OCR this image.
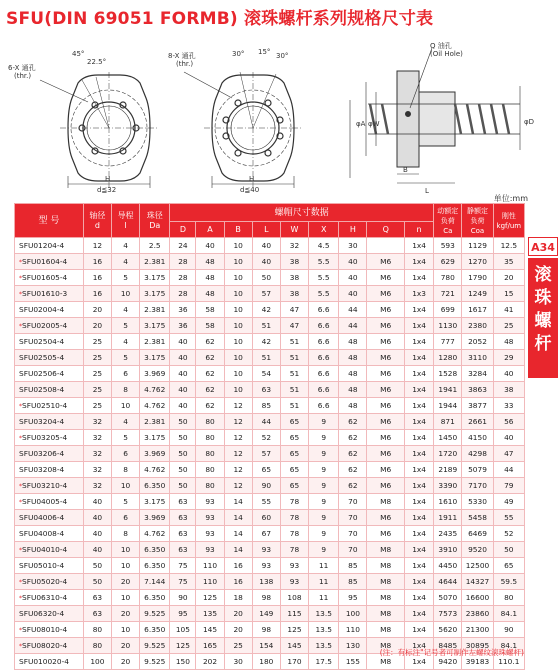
SFU(DIN 69051 FORMB) 滚珠螺杆系列规格尺寸表
6-X 通孔
(thr.)
45°
22.5°
H
d≦32
8-X 通孔
(thr.)
30° 15° 30°
H
d≦40
Q 油孔
(Oil Hole)
φA φW	φD
B
L
单位:mm
型 号	轴径
d	导程
l	珠径
Da	螺帽尺寸数据									动额定
负荷
Ca	静额定
负荷
Coa	刚性
kgf/um
				D	A	B	L	W	X	H	Q	n			
SFU01204-4	12	4	2.5	24	40	10	40	32	4.5	30		1x4	593	1129	12.5
*SFU01604-4	16	4	2.381	28	48	10	40	38	5.5	40	M6	1x4	629	1270	35
*SFU01605-4	16	5	3.175	28	48	10	50	38	5.5	40	M6	1x4	780	1790	20
*SFU01610-3	16	10	3.175	28	48	10	57	38	5.5	40	M6	1x3	721	1249	15
SFU02004-4	20	4	2.381	36	58	10	42	47	6.6	44	M6	1x4	699	1617	41
*SFU02005-4	20	5	3.175	36	58	10	51	47	6.6	44	M6	1x4	1130	2380	25
SFU02504-4	25	4	2.381	40	62	10	42	51	6.6	48	M6	1x4	777	2052	48
SFU02505-4	25	5	3.175	40	62	10	51	51	6.6	48	M6	1x4	1280	3110	29
SFU02506-4	25	6	3.969	40	62	10	54	51	6.6	48	M6	1x4	1528	3284	40
SFU02508-4	25	8	4.762	40	62	10	63	51	6.6	48	M6	1x4	1941	3863	38
*SFU02510-4	25	10	4.762	40	62	12	85	51	6.6	48	M6	1x4	1944	3877	33
SFU03204-4	32	4	2.381	50	80	12	44	65	9	62	M6	1x4	871	2661	56
*SFU03205-4	32	5	3.175	50	80	12	52	65	9	62	M6	1x4	1450	4150	40
SFU03206-4	32	6	3.969	50	80	12	57	65	9	62	M6	1x4	1720	4298	47
SFU03208-4	32	8	4.762	50	80	12	65	65	9	62	M6	1x4	2189	5079	44
*SFU03210-4	32	10	6.350	50	80	12	90	65	9	62	M6	1x4	3390	7170	79
*SFU04005-4	40	5	3.175	63	93	14	55	78	9	70	M8	1x4	1610	5330	49
SFU04006-4	40	6	3.969	63	93	14	60	78	9	70	M6	1x4	1911	5458	55
SFU04008-4	40	8	4.762	63	93	14	67	78	9	70	M6	1x4	2435	6469	52
*SFU04010-4	40	10	6.350	63	93	14	93	78	9	70	M8	1x4	3910	9520	50
SFU05010-4	50	10	6.350	75	110	16	93	93	11	85	M8	1x4	4450	12500	65
*SFU05020-4	50	20	7.144	75	110	16	138	93	11	85	M8	1x4	4644	14327	59.5
*SFU06310-4	63	10	6.350	90	125	18	98	108	11	95	M8	1x4	5070	16600	80
SFU06320-4	63	20	9.525	95	135	20	149	115	13.5	100	M8	1x4	7573	23860	84.1
*SFU08010-4	80	10	6.350	105	145	20	98	125	13.5	110	M8	1x4	5620	21300	90
*SFU08020-4	80	20	9.525	125	165	25	154	145	13.5	130	M8	1x4	8485	30895	84.1
SFU010020-4	100	20	9.525	150	202	30	180	170	17.5	155	M8	1x4	9420	39183	110.1
A34
滚
珠
螺
杆
(注：有标注"记号者可制作左螺纹滚珠螺杆)
